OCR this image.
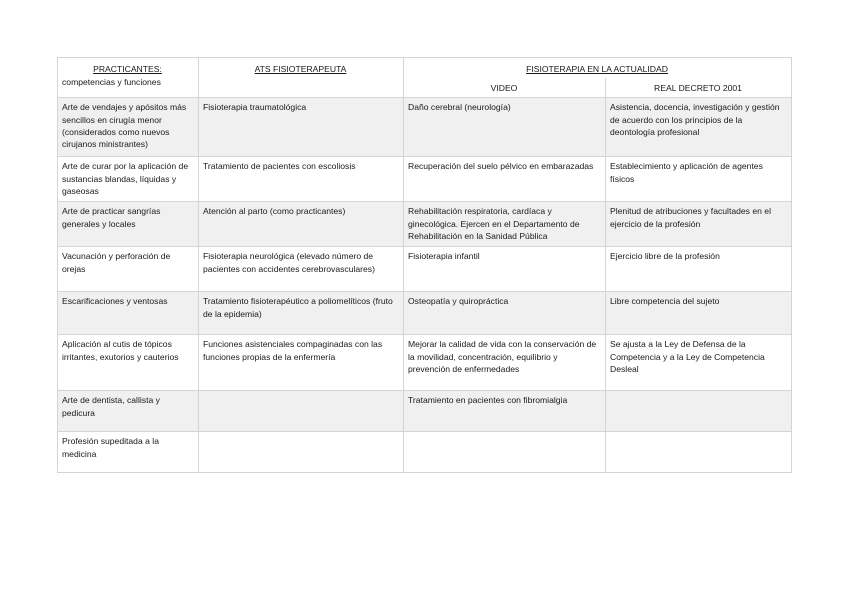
PRACTICANTES:
competencias y funciones	ATS FISIOTERAPEUTA	FISIOTERAPIA EN LA ACTUALIDAD	

		VIDEO	REAL DECRETO 2001

Arte de vendajes y apósitos más sencillos en cirugía menor (considerados como nuevos cirujanos ministrantes)	Fisioterapia traumatológica	Daño cerebral (neurología)	Asistencia, docencia, investigación y gestión de acuerdo con los principios de la deontología profesional
Arte de curar por la aplicación de sustancias blandas, líquidas y gaseosas	Tratamiento de pacientes con escoliosis	Recuperación del suelo pélvico en embarazadas	Establecimiento y aplicación de agentes físicos
Arte de practicar sangrías generales y locales	Atención al parto (como practicantes)	Rehabilitación respiratoria, cardíaca y ginecológica. Ejercen en el Departamento de Rehabilitación en la Sanidad Pública	Plenitud de atribuciones y facultades en el ejercicio de la profesión
Vacunación y perforación de orejas	Fisioterapia neurológica (elevado número de pacientes con accidentes cerebrovasculares)	Fisioterapia infantil	Ejercicio libre de la profesión
Escarificaciones y ventosas	Tratamiento fisioterapéutico a poliomelíticos (fruto de la epidemia)	Osteopatía y quiropráctica	Libre competencia del sujeto
Aplicación al cutis de tópicos irritantes, exutorios y cauterios	Funciones asistenciales compaginadas con las funciones propias de la enfermería	Mejorar la calidad de vida con la conservación de la movilidad, concentración, equilibrio y prevención de enfermedades	Se ajusta a la Ley de Defensa de la Competencia y a la Ley de Competencia Desleal
Arte de dentista, callista y pedicura		Tratamiento en pacientes con fibromialgia	
Profesión supeditada a la medicina			
